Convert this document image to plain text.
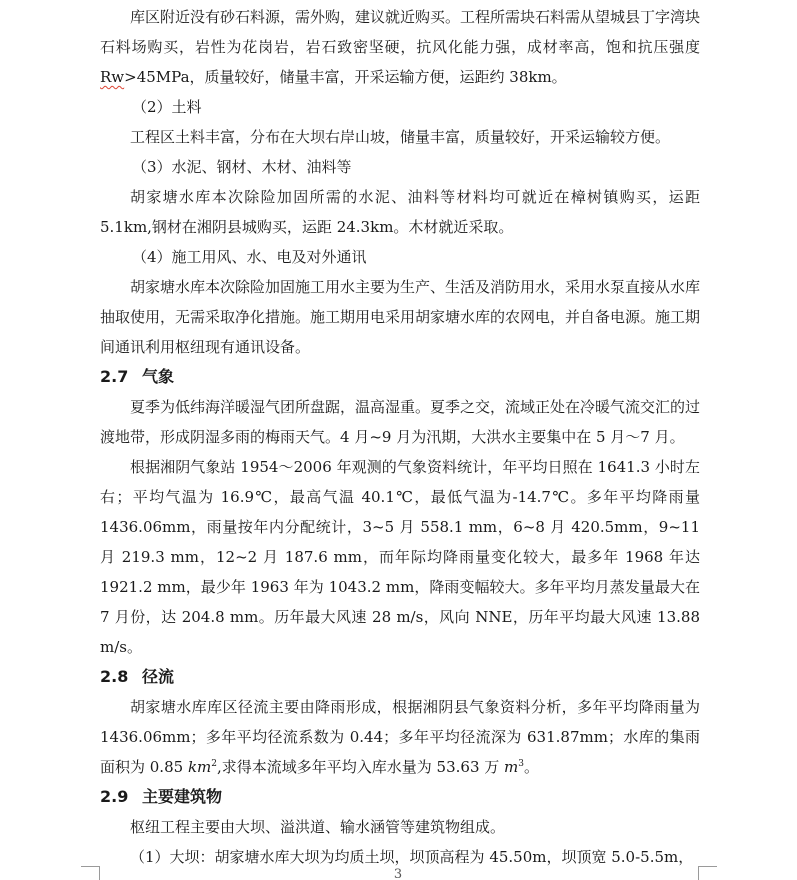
库区附近没有砂石料源，需外购，建议就近购买。工程所需块石料需从望城县丁字湾块石料场购买，岩性为花岗岩，岩石致密坚硬，抗风化能力强，成材率高，饱和抗压强度Rw>45MPa，质量较好，储量丰富，开采运输方便，运距约 38km。

（2）土料

工程区土料丰富，分布在大坝右岸山坡，储量丰富，质量较好，开采运输较方便。

（3）水泥、钢材、木材、油料等

胡家塘水库本次除险加固所需的水泥、油料等材料均可就近在樟树镇购买，运距 5.1km,钢材在湘阴县城购买，运距 24.3km。木材就近采取。

（4）施工用风、水、电及对外通讯

胡家塘水库本次除险加固施工用水主要为生产、生活及消防用水，采用水泵直接从水库抽取使用，无需采取净化措施。施工期用电采用胡家塘水库的农网电，并自备电源。施工期间通讯利用枢纽现有通讯设备。

2.7 气象

夏季为低纬海洋暖湿气团所盘踞，温高湿重。夏季之交，流域正处在冷暖气流交汇的过渡地带，形成阴湿多雨的梅雨天气。4 月~9 月为汛期，大洪水主要集中在 5 月～7 月。

根据湘阴气象站 1954～2006 年观测的气象资料统计，年平均日照在 1641.3 小时左右；平均气温为 16.9℃，最高气温 40.1℃，最低气温为-14.7℃。多年平均降雨量 1436.06mm，雨量按年内分配统计，3~5 月 558.1 mm，6~8 月 420.5mm，9~11 月 219.3 mm，12~2 月 187.6 mm，而年际均降雨量变化较大，最多年 1968 年达 1921.2 mm，最少年 1963 年为 1043.2 mm，降雨变幅较大。多年平均月蒸发量最大在 7 月份，达 204.8 mm。历年最大风速 28 m/s，风向 NNE，历年平均最大风速 13.88 m/s。

2.8 径流

胡家塘水库库区径流主要由降雨形成，根据湘阴县气象资料分析，多年平均降雨量为 1436.06mm；多年平均径流系数为 0.44；多年平均径流深为 631.87mm；水库的集雨面积为 0.85 $km^2$,求得本流域多年平均入库水量为 53.63 万 $m^3$。

2.9 主要建筑物

枢纽工程主要由大坝、溢洪道、输水涵管等建筑物组成。

（1）大坝：胡家塘水库大坝为均质土坝，坝顶高程为 45.50m，坝顶宽 5.0-5.5m，

3
